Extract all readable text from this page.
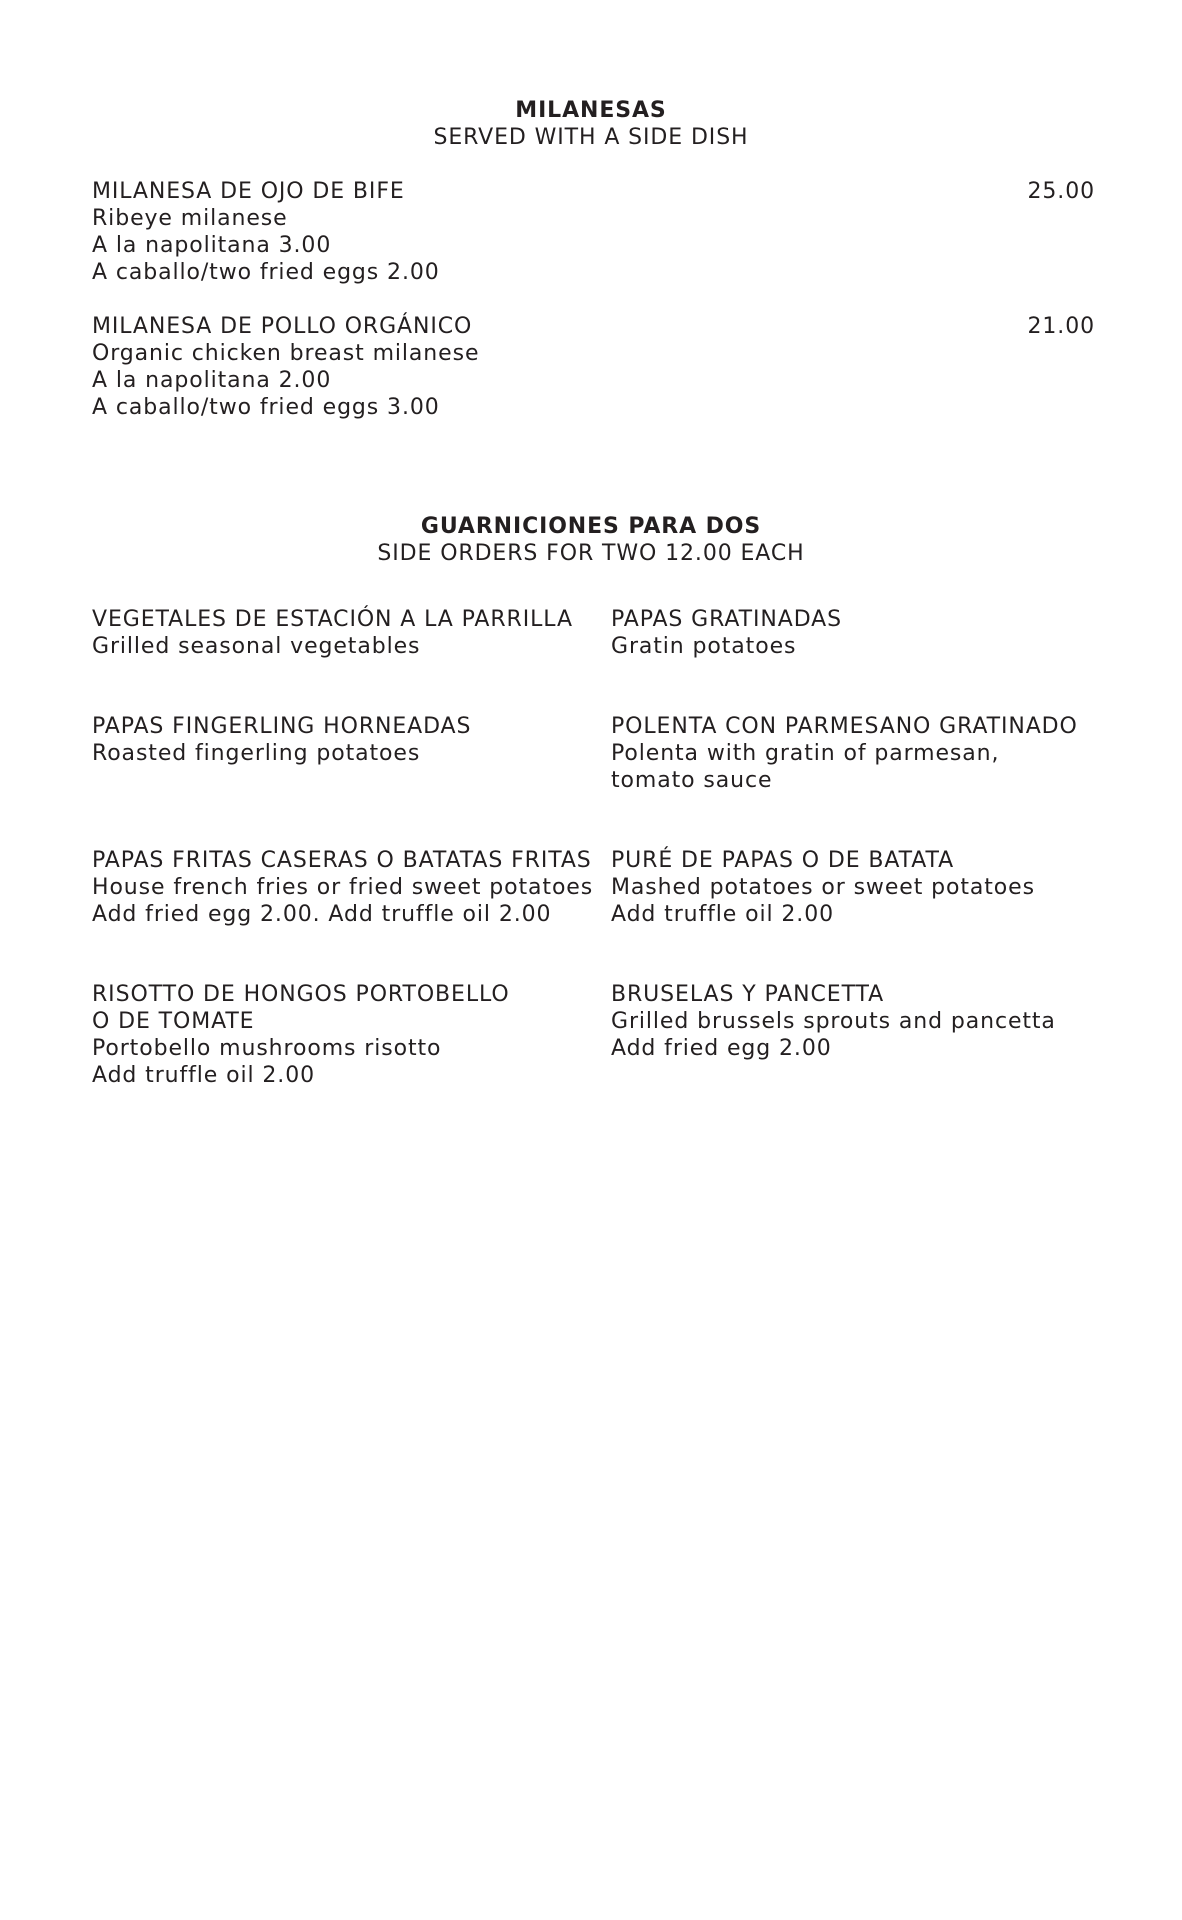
MILANESAS
SERVED WITH A SIDE DISH
MILANESA DE OJO DE BIFE
Ribeye milanese
A la napolitana 3.00
A caballo/two fried eggs 2.00
25.00
MILANESA DE POLLO ORGÁNICO
Organic chicken breast milanese
A la napolitana 2.00
A caballo/two fried eggs 3.00
21.00
GUARNICIONES PARA DOS
SIDE ORDERS FOR TWO 12.00 EACH
VEGETALES DE ESTACIÓN A LA PARRILLA
Grilled seasonal vegetables
PAPAS GRATINADAS
Gratin potatoes
PAPAS FINGERLING HORNEADAS
Roasted fingerling potatoes
POLENTA CON PARMESANO GRATINADO
Polenta with gratin of parmesan,
tomato sauce
PAPAS FRITAS CASERAS O BATATAS FRITAS
House french fries or fried sweet potatoes
Add fried egg 2.00. Add truffle oil 2.00
PURÉ DE PAPAS O DE BATATA
Mashed potatoes or sweet potatoes
Add truffle oil 2.00
RISOTTO DE HONGOS PORTOBELLO
O DE TOMATE
Portobello mushrooms risotto
Add truffle oil 2.00
BRUSELAS Y PANCETTA
Grilled brussels sprouts and pancetta
Add fried egg 2.00
